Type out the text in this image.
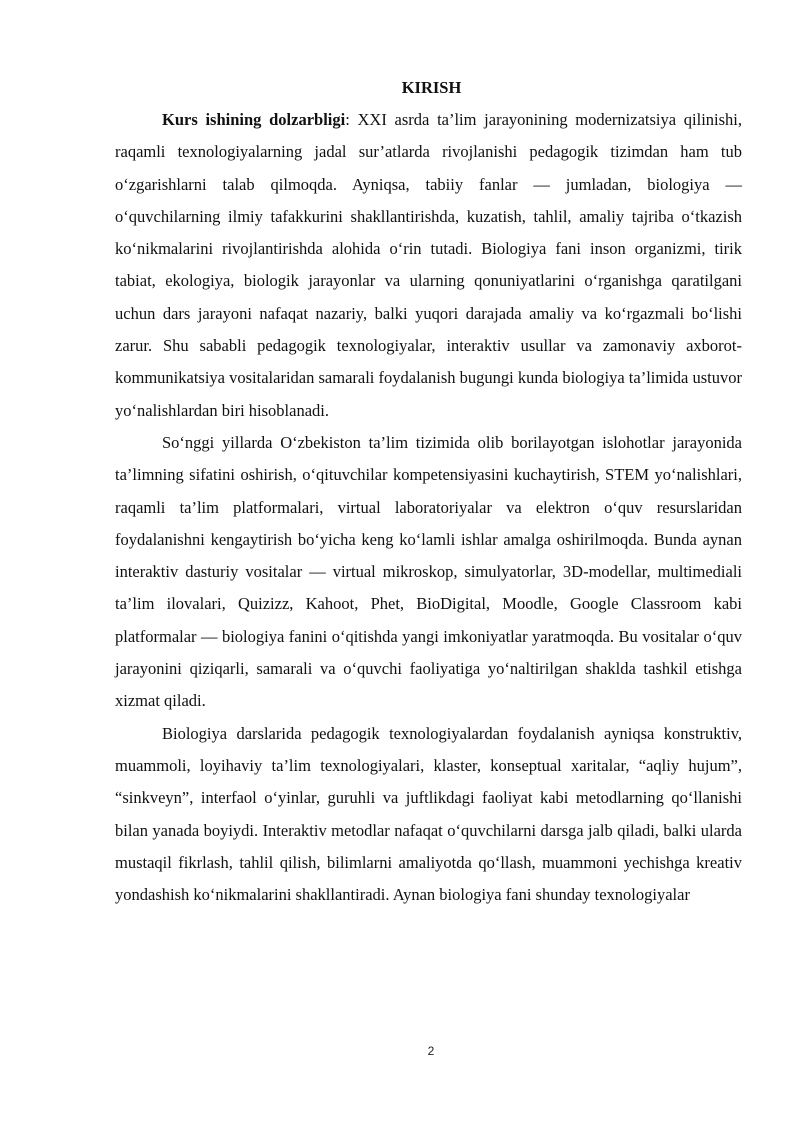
KIRISH

Kurs ishining dolzarbligi: XXI asrda ta’lim jarayonining modernizatsiya qilinishi, raqamli texnologiyalarning jadal sur’atlarda rivojlanishi pedagogik tizimdan ham tub o‘zgarishlarni talab qilmoqda. Ayniqsa, tabiiy fanlar — jumladan, biologiya — o‘quvchilarning ilmiy tafakkurini shakllantirishda, kuzatish, tahlil, amaliy tajriba o‘tkazish ko‘nikmalarini rivojlantirishda alohida o‘rin tutadi. Biologiya fani inson organizmi, tirik tabiat, ekologiya, biologik jarayonlar va ularning qonuniyatlarini o‘rganishga qaratilgani uchun dars jarayoni nafaqat nazariy, balki yuqori darajada amaliy va ko‘rgazmali bo‘lishi zarur. Shu sababli pedagogik texnologiyalar, interaktiv usullar va zamonaviy axborot-kommunikatsiya vositalaridan samarali foydalanish bugungi kunda biologiya ta’limida ustuvor yo‘nalishlardan biri hisoblanadi.

So‘nggi yillarda O‘zbekiston ta’lim tizimida olib borilayotgan islohotlar jarayonida ta’limning sifatini oshirish, o‘qituvchilar kompetensiyasini kuchaytirish, STEM yo‘nalishlari, raqamli ta’lim platformalari, virtual laboratoriyalar va elektron o‘quv resurslaridan foydalanishni kengaytirish bo‘yicha keng ko‘lamli ishlar amalga oshirilmoqda. Bunda aynan interaktiv dasturiy vositalar — virtual mikroskop, simulyatorlar, 3D-modellar, multimediali ta’lim ilovalari, Quizizz, Kahoot, Phet, BioDigital, Moodle, Google Classroom kabi platformalar — biologiya fanini o‘qitishda yangi imkoniyatlar yaratmoqda. Bu vositalar o‘quv jarayonini qiziqarli, samarali va o‘quvchi faoliyatiga yo‘naltirilgan shaklda tashkil etishga xizmat qiladi.

Biologiya darslarida pedagogik texnologiyalardan foydalanish ayniqsa konstruktiv, muammoli, loyihaviy ta’lim texnologiyalari, klaster, konseptual xaritalar, “aqliy hujum”, “sinkveyn”, interfaol o‘yinlar, guruhli va juftlikdagi faoliyat kabi metodlarning qo‘llanishi bilan yanada boyiydi. Interaktiv metodlar nafaqat o‘quvchilarni darsga jalb qiladi, balki ularda mustaqil fikrlash, tahlil qilish, bilimlarni amaliyotda qo‘llash, muammoni yechishga kreativ yondashish ko‘nikmalarini shakllantiradi. Aynan biologiya fani shunday texnologiyalar

2
